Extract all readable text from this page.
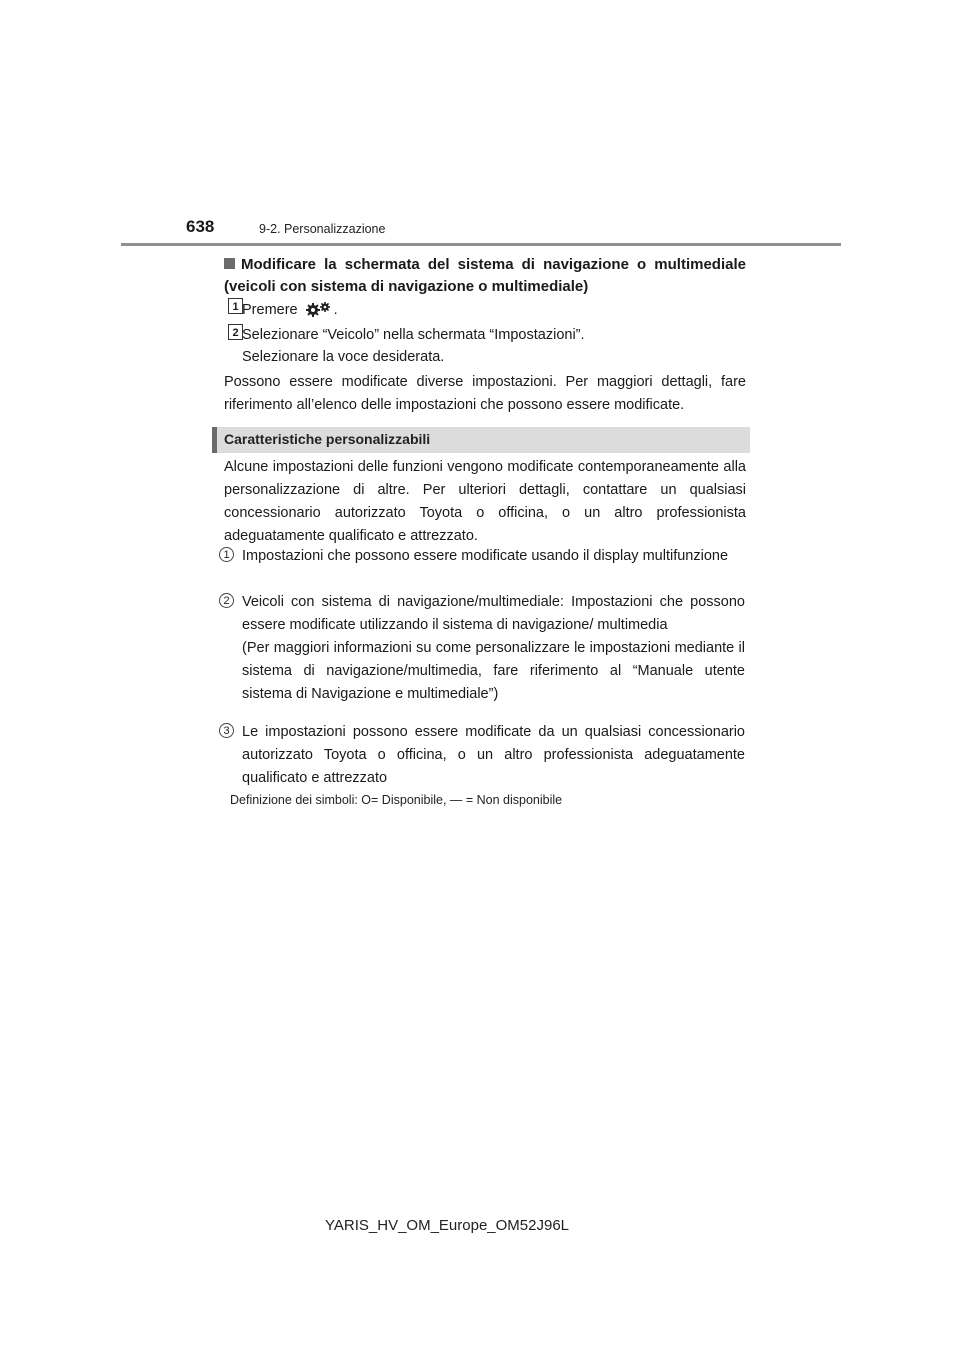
638	9-2. Personalizzazione
Modificare la schermata del sistema di navigazione o multimediale (veicoli con sistema di navigazione o multimediale)
1 Premere .
2 Selezionare “Veicolo” nella schermata “Impostazioni”.
Selezionare la voce desiderata.
Possono essere modificate diverse impostazioni. Per maggiori dettagli, fare riferimento all’elenco delle impostazioni che possono essere modificate.
Caratteristiche personalizzabili
Alcune impostazioni delle funzioni vengono modificate contemporaneamente alla personalizzazione di altre. Per ulteriori dettagli, contattare un qualsiasi concessionario autorizzato Toyota o officina, o un altro professionista adeguatamente qualificato e attrezzato.
1 Impostazioni che possono essere modificate usando il display multifunzione
2 Veicoli con sistema di navigazione/multimediale: Impostazioni che possono essere modificate utilizzando il sistema di navigazione/ multimedia
(Per maggiori informazioni su come personalizzare le impostazioni mediante il sistema di navigazione/multimedia, fare riferimento al “Manuale utente sistema di Navigazione e multimediale”)
3 Le impostazioni possono essere modificate da un qualsiasi concessionario autorizzato Toyota o officina, o un altro professionista adeguatamente qualificato e attrezzato
Definizione dei simboli: O= Disponibile, — = Non disponibile
YARIS_HV_OM_Europe_OM52J96L
